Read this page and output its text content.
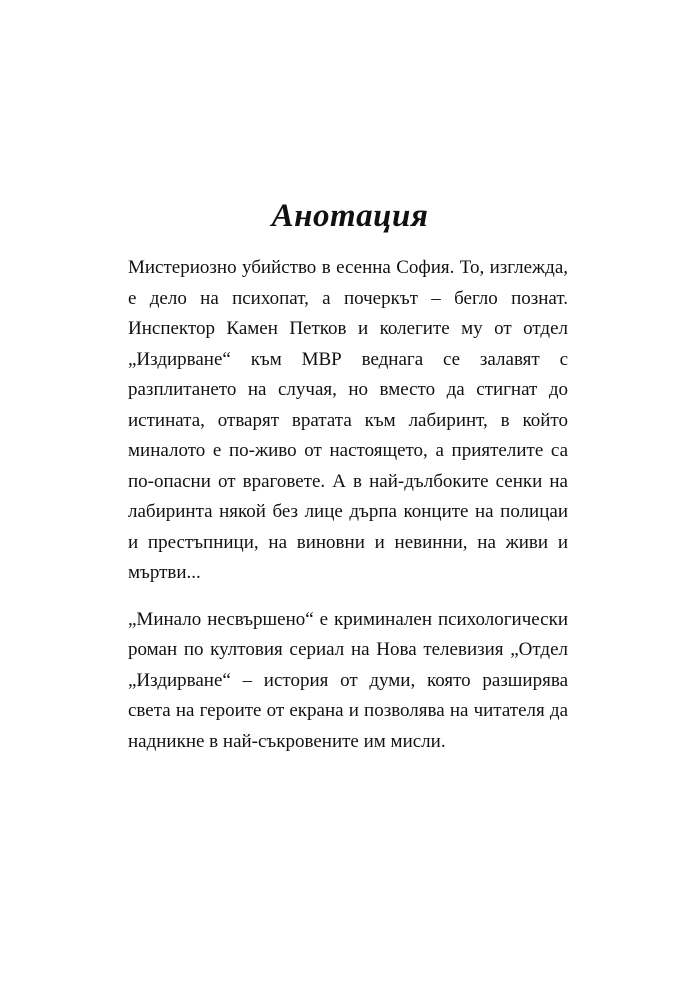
Анотация

Мистериозно убийство в есенна София. То, изглежда, е дело на психопат, а почеркът – бегло познат. Инспектор Камен Петков и колегите му от отдел „Издирване“ към МВР веднага се залавят с разплитането на случая, но вместо да стигнат до истината, отварят вратата към лабиринт, в който миналото е по-живо от настоящето, а приятелите са по-опасни от враговете. А в най-дълбоките сенки на лабиринта някой без лице дърпа конците на полицаи и престъпници, на виновни и невинни, на живи и мъртви...

„Минало несвършено“ е криминален психологически роман по култовия сериал на Нова телевизия „Отдел „Издирване“ – история от думи, която разширява света на героите от екрана и позволява на читателя да надникне в най-съкровените им мисли.
